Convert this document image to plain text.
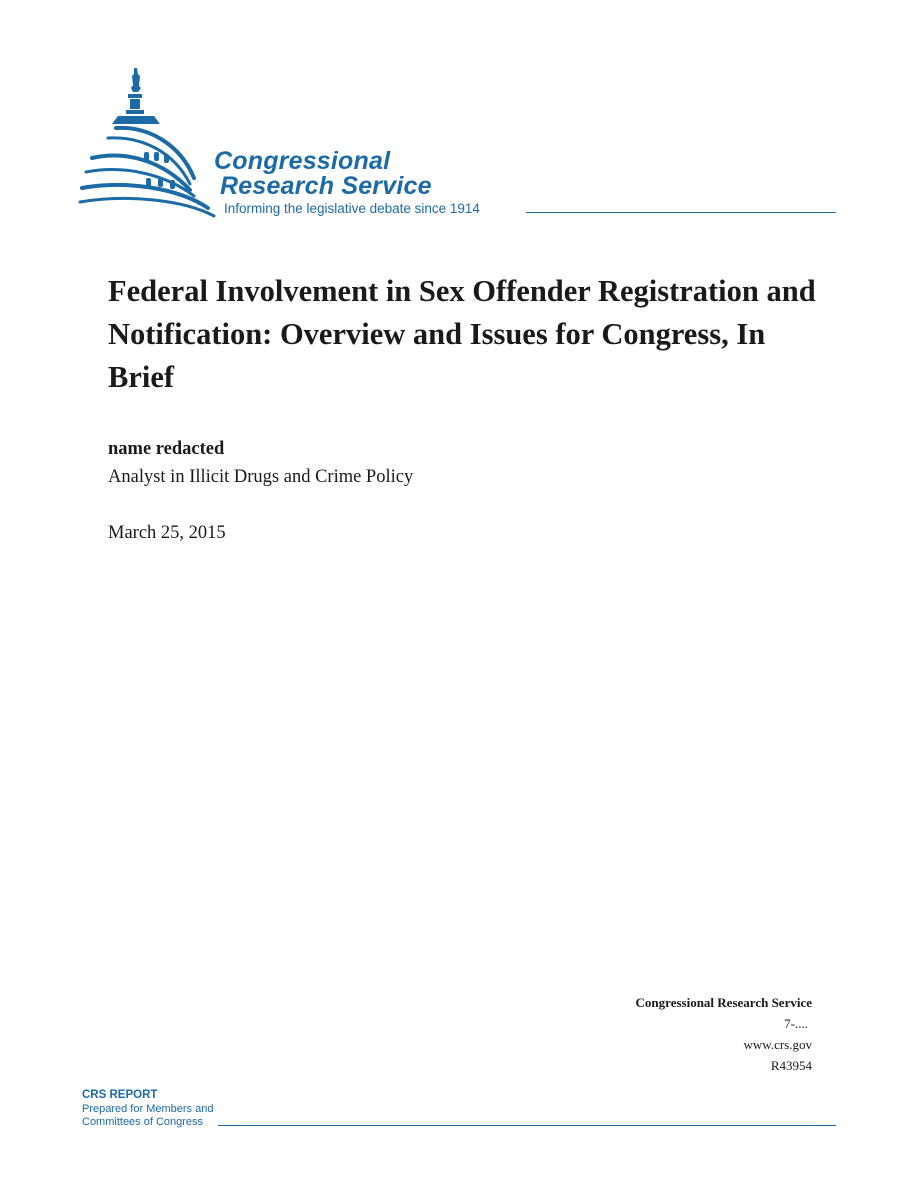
Congressional
Research Service
Informing the legislative debate since 1914
Federal Involvement in Sex Offender Registration and Notification: Overview and Issues for Congress, In Brief
name redacted
Analyst in Illicit Drugs and Crime Policy
March 25, 2015
Congressional Research Service
7-....
www.crs.gov
R43954
CRS REPORT
Prepared for Members and
Committees of Congress
